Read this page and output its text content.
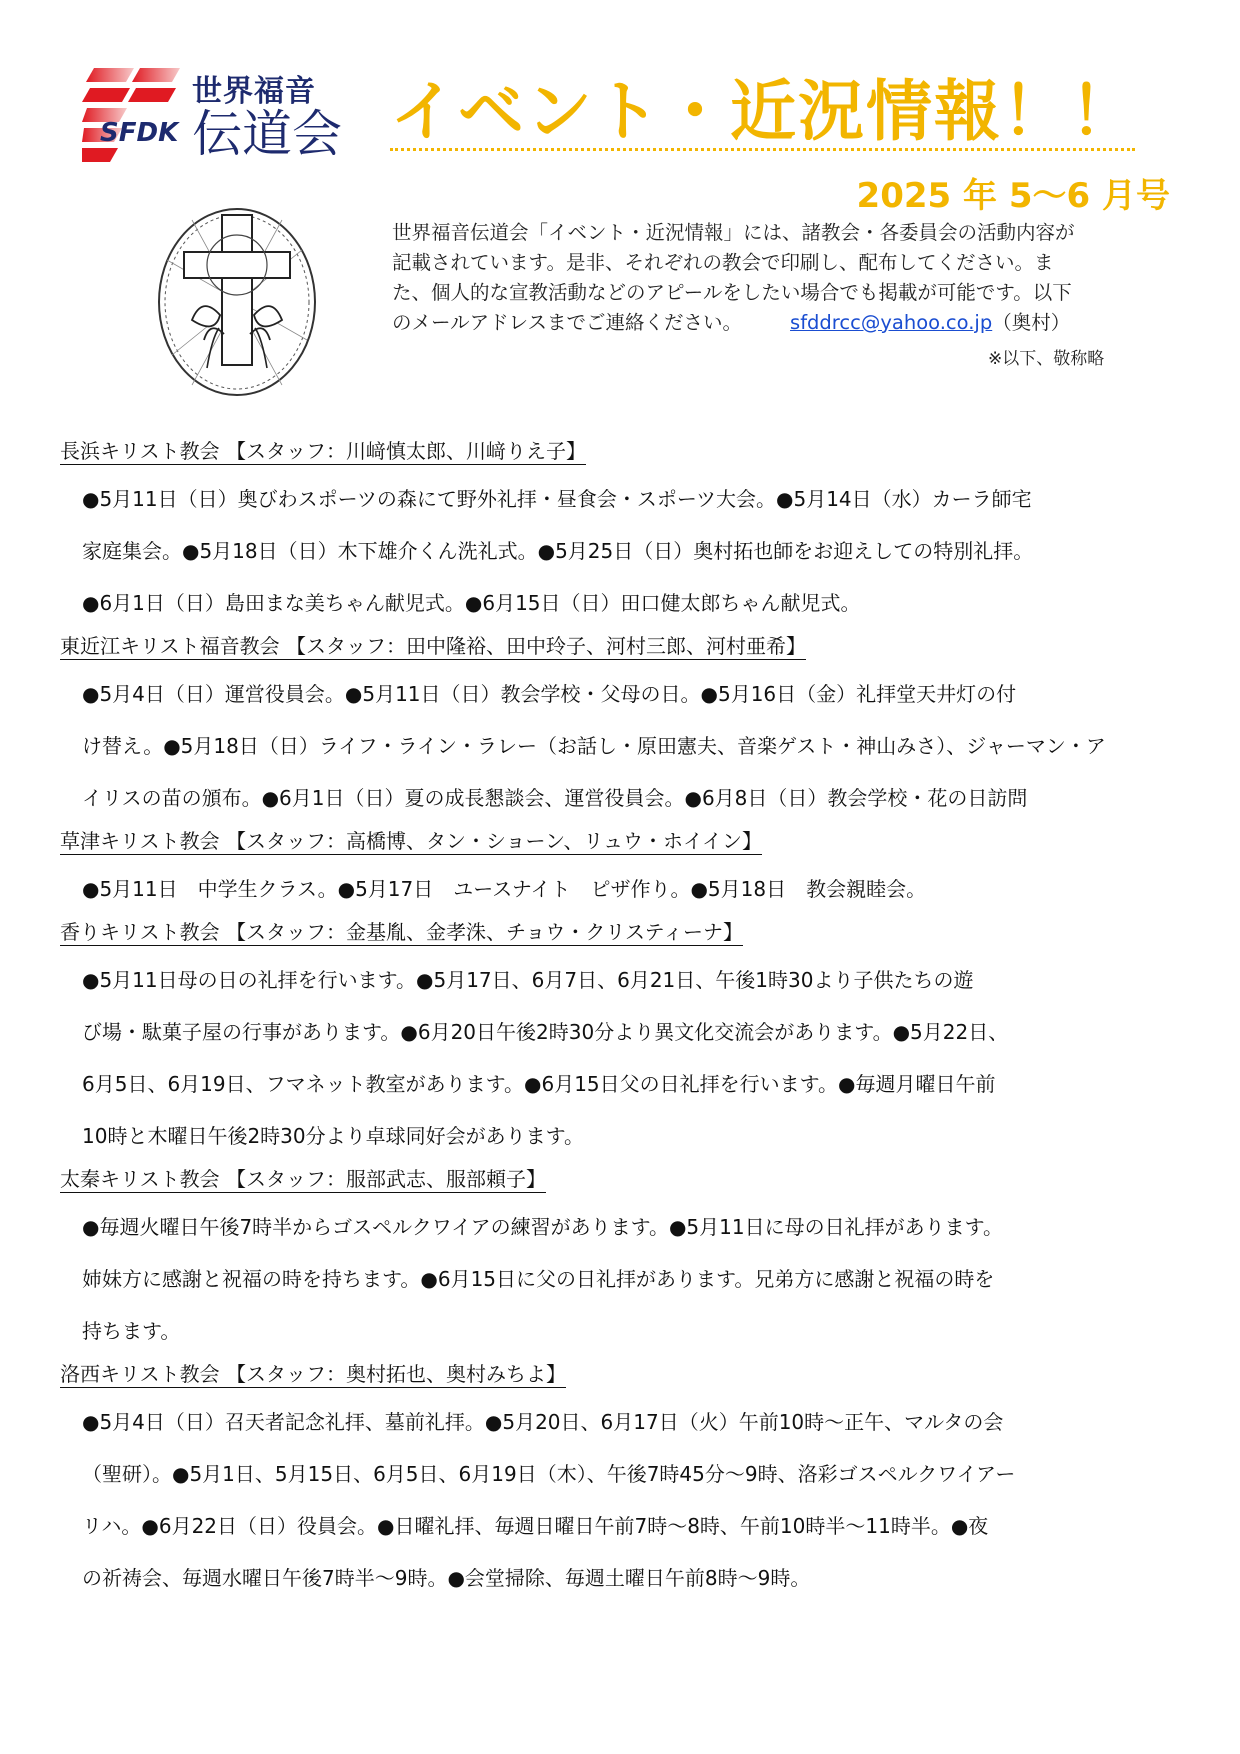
SFDK
世界福音
伝道会 イベント・近況情報！！
2025 年 5～6 月号

世界福音伝道会「イベント・近況情報」には、諸教会・各委員会の活動内容が

記載されています。是非、それぞれの教会で印刷し、配布してください。ま

た、個人的な宣教活動などのアピールをしたい場合でも掲載が可能です。以下

のメールアドレスまでご連絡ください。 sfddrcc@yahoo.co.jp（奥村）

※以下、敬称略
長浜キリスト教会 【スタッフ：川﨑慎太郎、川﨑りえ子】
●5月11日（日）奥びわスポーツの森にて野外礼拝・昼食会・スポーツ大会。●5月14日（水）カーラ師宅
家庭集会。●5月18日（日）木下雄介くん洗礼式。●5月25日（日）奥村拓也師をお迎えしての特別礼拝。
●6月1日（日）島田まな美ちゃん献児式。●6月15日（日）田口健太郎ちゃん献児式。
東近江キリスト福音教会 【スタッフ：田中隆裕、田中玲子、河村三郎、河村亜希】
●5月4日（日）運営役員会。●5月11日（日）教会学校・父母の日。●5月16日（金）礼拝堂天井灯の付
け替え。●5月18日（日）ライフ・ライン・ラレー（お話し・原田憲夫、音楽ゲスト・神山みさ）、ジャーマン・ア
イリスの苗の頒布。●6月1日（日）夏の成長懇談会、運営役員会。●6月8日（日）教会学校・花の日訪問
草津キリスト教会 【スタッフ：高橋博、タン・ショーン、リュウ・ホイイン】
●5月11日　中学生クラス。●5月17日　ユースナイト　ピザ作り。●5月18日　教会親睦会。
香りキリスト教会 【スタッフ：金基胤、金孝洙、チョウ・クリスティーナ】
●5月11日母の日の礼拝を行います。●5月17日、6月7日、6月21日、午後1時30より子供たちの遊
び場・駄菓子屋の行事があります。●6月20日午後2時30分より異文化交流会があります。●5月22日、
6月5日、6月19日、フマネット教室があります。●6月15日父の日礼拝を行います。●毎週月曜日午前
10時と木曜日午後2時30分より卓球同好会があります。
太秦キリスト教会 【スタッフ：服部武志、服部頼子】
●毎週火曜日午後7時半からゴスペルクワイアの練習があります。●5月11日に母の日礼拝があります。
姉妹方に感謝と祝福の時を持ちます。●6月15日に父の日礼拝があります。兄弟方に感謝と祝福の時を
持ちます。
洛西キリスト教会 【スタッフ：奥村拓也、奥村みちよ】
●5月4日（日）召天者記念礼拝、墓前礼拝。●5月20日、6月17日（火）午前10時～正午、マルタの会
（聖研）。●5月1日、5月15日、6月5日、6月19日（木）、午後7時45分～9時、洛彩ゴスペルクワイアー
リハ。●6月22日（日）役員会。●日曜礼拝、毎週日曜日午前7時～8時、午前10時半～11時半。●夜
の祈祷会、毎週水曜日午後7時半～9時。●会堂掃除、毎週土曜日午前8時～9時。
